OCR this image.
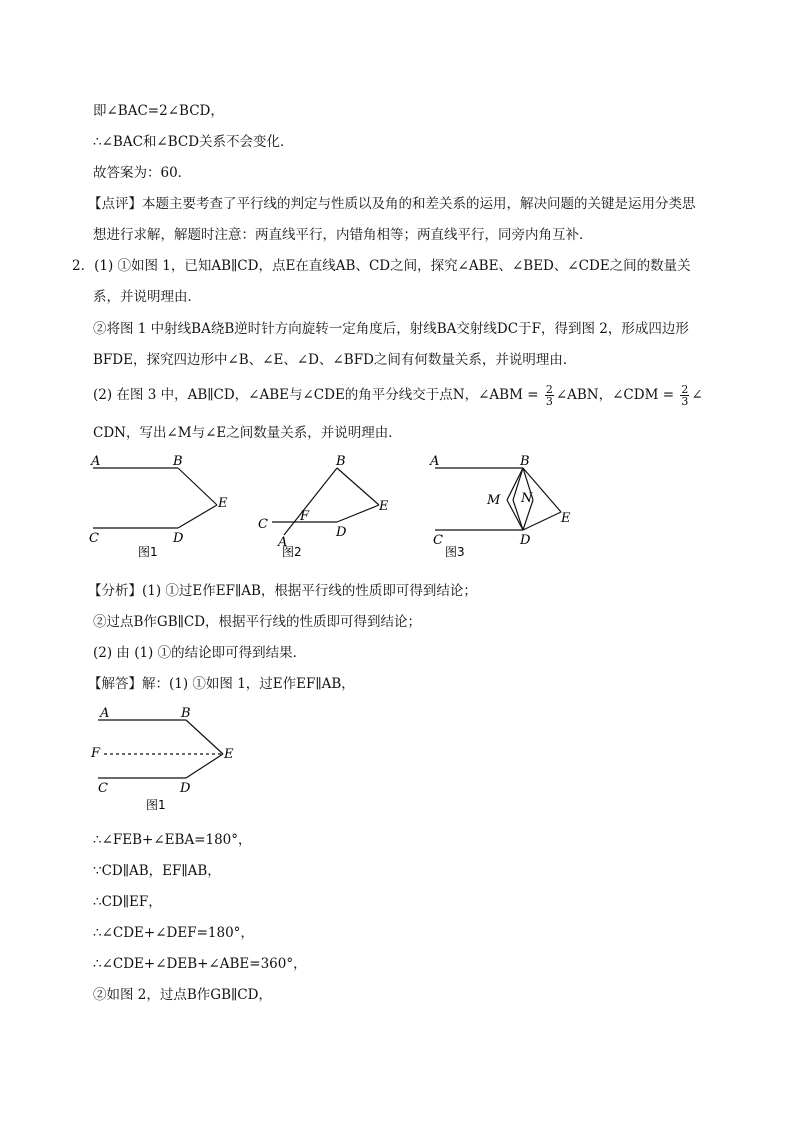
即∠BAC=2∠BCD，
∴∠BAC和∠BCD关系不会变化．
故答案为：60．
【点评】本题主要考查了平行线的判定与性质以及角的和差关系的运用，解决问题的关键是运用分类思
想进行求解，解题时注意：两直线平行，内错角相等；两直线平行，同旁内角互补．
2．(1) ①如图 1，已知AB∥CD，点E在直线AB、CD之间，探究∠ABE、∠BED、∠CDE之间的数量关
系，并说明理由．
②将图 1 中射线BA绕B逆时针方向旋转一定角度后，射线BA交射线DC于F，得到图 2，形成四边形
BFDE，探究四边形中∠B、∠E、∠D、∠BFD之间有何数量关系，并说明理由．
(2) 在图 3 中，AB∥CD，∠ABE与∠CDE的角平分线交于点N，∠ABM = $\frac{2}{3}$ ∠ABN，∠CDM = $\frac{2}{3}$ ∠
CDN，写出∠M与∠E之间数量关系，并说明理由．
A	B
E
C	D
图1
B
E
F
C
D
A
图2
A	B
M N
E
C	D
图3
【分析】(1) ①过E作EF∥AB，根据平行线的性质即可得到结论；
②过点B作GB∥CD，根据平行线的性质即可得到结论；
(2) 由 (1) ①的结论即可得到结果．
【解答】解：(1) ①如图 1，过E作EF∥AB，
A	B
F	E
C	D
图1
∴∠FEB+∠EBA=180°，
∵CD∥AB，EF∥AB，
∴CD∥EF，
∴∠CDE+∠DEF=180°，
∴∠CDE+∠DEB+∠ABE=360°，
②如图 2，过点B作GB∥CD，
